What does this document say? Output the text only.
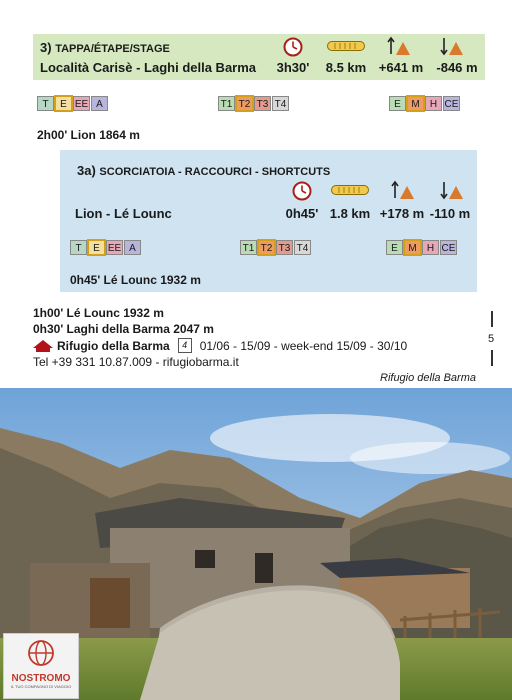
3) TAPPA/ÉTAPE/STAGE
Località Carisè - Laghi della Barma	3h30'	8.5 km +641 m	-846 m
T	E EE A	T1 T2 T3 T4	E	M	H CE
2h00' Lion 1864 m
3a) SCORCIATOIA - RACCOURCI - SHORTCUTS
Lion - Lé Lounc	0h45' 1.8 km +178 m -110 m
T	E EE A	T1 T2 T3 T4	E	M	H CE
0h45' Lé Lounc 1932 m
1h00' Lé Lounc 1932 m
0h30' Laghi della Barma 2047 m
Rifugio della Barma	4	01/06 - 15/09 - week-end 15/09 - 30/10
Tel +39 331 10.87.009 - rifugiobarma.it
5
Rifugio della Barma
NOSTROMO
IL TUO COMPAGNO DI VIAGGIO
